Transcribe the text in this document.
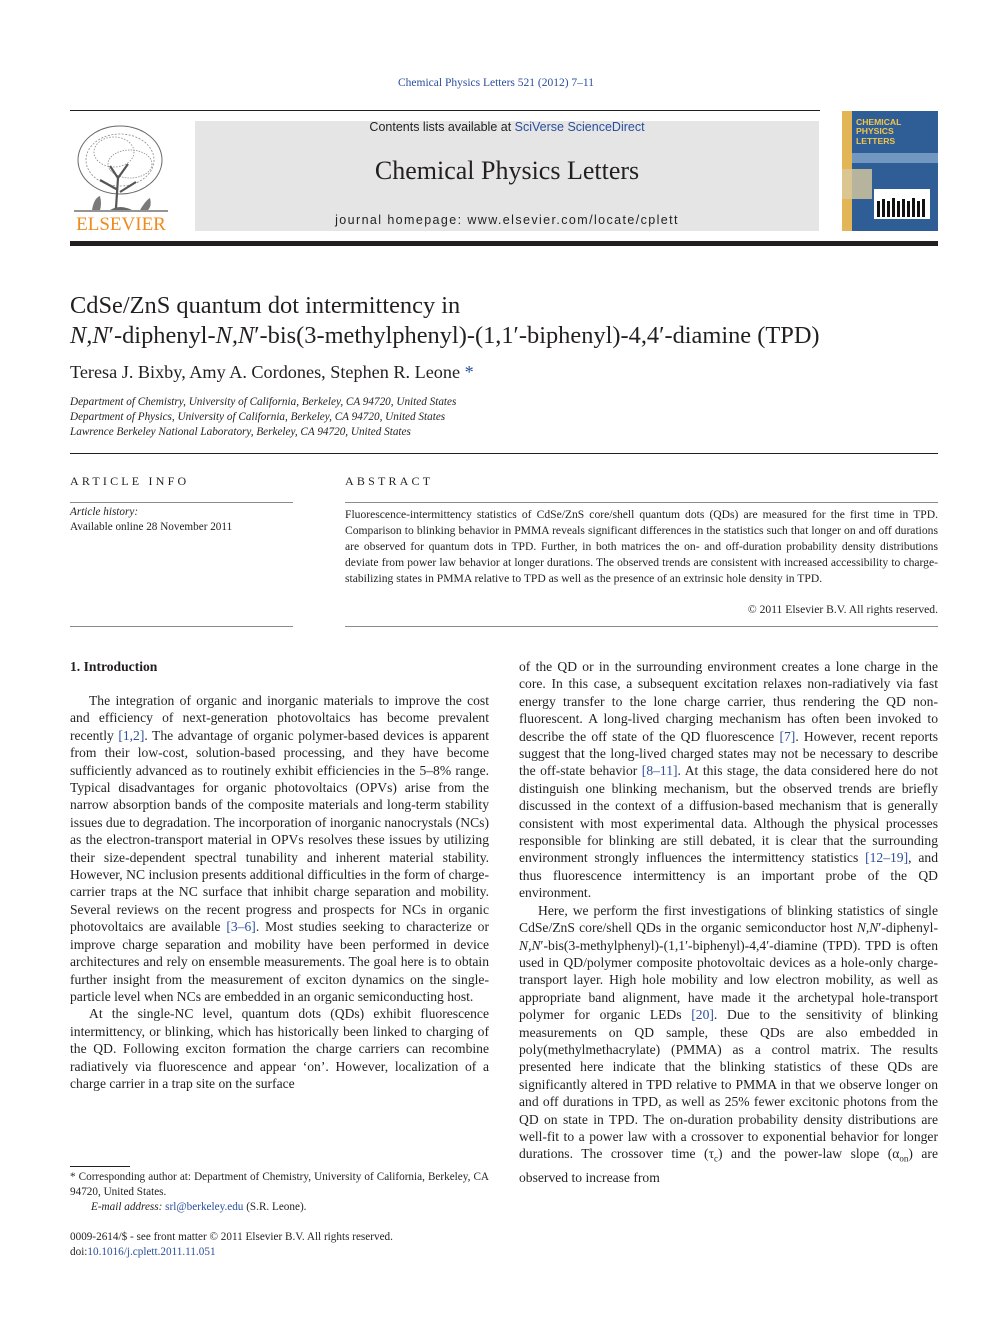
Chemical Physics Letters 521 (2012) 7–11
ELSEVIER
Contents lists available at SciVerse ScienceDirect
Chemical Physics Letters
journal homepage: www.elsevier.com/locate/cplett
CHEMICAL
PHYSICS
LETTERS
CdSe/ZnS quantum dot intermittency in
N,N′-diphenyl-N,N′-bis(3-methylphenyl)-(1,1′-biphenyl)-4,4′-diamine (TPD)
Teresa J. Bixby, Amy A. Cordones, Stephen R. Leone *
Department of Chemistry, University of California, Berkeley, CA 94720, United States
Department of Physics, University of California, Berkeley, CA 94720, United States
Lawrence Berkeley National Laboratory, Berkeley, CA 94720, United States
ARTICLE INFO	ABSTRACT
Article history:
Available online 28 November 2011
Fluorescence-intermittency statistics of CdSe/ZnS core/shell quantum dots (QDs) are measured for the first time in TPD. Comparison to blinking behavior in PMMA reveals significant differences in the statistics such that longer on and off durations are observed for quantum dots in TPD. Further, in both matrices the on- and off-duration probability density distributions deviate from power law behavior at longer durations. The observed trends are consistent with increased accessibility to charge-stabilizing states in PMMA relative to TPD as well as the presence of an extrinsic hole density in TPD.
© 2011 Elsevier B.V. All rights reserved.
1. Introduction

The integration of organic and inorganic materials to improve the cost and efficiency of next-generation photovoltaics has become prevalent recently [1,2]. The advantage of organic polymer-based devices is apparent from their low-cost, solution-based processing, and they have become sufficiently advanced as to routinely exhibit efficiencies in the 5–8% range. Typical disadvantages for organic photovoltaics (OPVs) arise from the narrow absorption bands of the composite materials and long-term stability issues due to degradation. The incorporation of inorganic nanocrystals (NCs) as the electron-transport material in OPVs resolves these issues by utilizing their size-dependent spectral tunability and inherent material stability. However, NC inclusion presents additional difficulties in the form of charge-carrier traps at the NC surface that inhibit charge separation and mobility. Several reviews on the recent progress and prospects for NCs in organic photovoltaics are available [3–6]. Most studies seeking to characterize or improve charge separation and mobility have been performed in device architectures and rely on ensemble measurements. The goal here is to obtain further insight from the measurement of exciton dynamics on the single-particle level when NCs are embedded in an organic semiconducting host.

At the single-NC level, quantum dots (QDs) exhibit fluorescence intermittency, or blinking, which has historically been linked to charging of the QD. Following exciton formation the charge carriers can recombine radiatively via fluorescence and appear ‘on’. However, localization of a charge carrier in a trap site on the surface

of the QD or in the surrounding environment creates a lone charge in the core. In this case, a subsequent excitation relaxes non-radiatively via fast energy transfer to the lone charge carrier, thus rendering the QD non-fluorescent. A long-lived charging mechanism has often been invoked to describe the off state of the QD fluorescence [7]. However, recent reports suggest that the long-lived charged states may not be necessary to describe the off-state behavior [8–11]. At this stage, the data considered here do not distinguish one blinking mechanism, but the observed trends are briefly discussed in the context of a diffusion-based mechanism that is generally consistent with most experimental data. Although the physical processes responsible for blinking are still debated, it is clear that the surrounding environment strongly influences the intermittency statistics [12–19], and thus fluorescence intermittency is an important probe of the QD environment.

Here, we perform the first investigations of blinking statistics of single CdSe/ZnS core/shell QDs in the organic semiconductor host N,N′-diphenyl-N,N′-bis(3-methylphenyl)-(1,1′-biphenyl)-4,4′-diamine (TPD). TPD is often used in QD/polymer composite photovoltaic devices as a hole-only charge-transport layer. High hole mobility and low electron mobility, as well as appropriate band alignment, have made it the archetypal hole-transport polymer for organic LEDs [20]. Due to the sensitivity of blinking measurements on QD sample, these QDs are also embedded in poly(methylmethacrylate) (PMMA) as a control matrix. The results presented here indicate that the blinking statistics of these QDs are significantly altered in TPD relative to PMMA in that we observe longer on and off durations in TPD, as well as 25% fewer excitonic photons from the QD on state in TPD. The on-duration probability density distributions are well-fit to a power law with a crossover to exponential behavior for longer durations. The crossover time $(\tau_c)$ and the power-law slope $(\alpha_{on})$ are observed to increase from

* Corresponding author at: Department of Chemistry, University of California, Berkeley, CA 94720, United States.
E-mail address: srl@berkeley.edu (S.R. Leone).
0009-2614/$ - see front matter © 2011 Elsevier B.V. All rights reserved.
doi:10.1016/j.cplett.2011.11.051
